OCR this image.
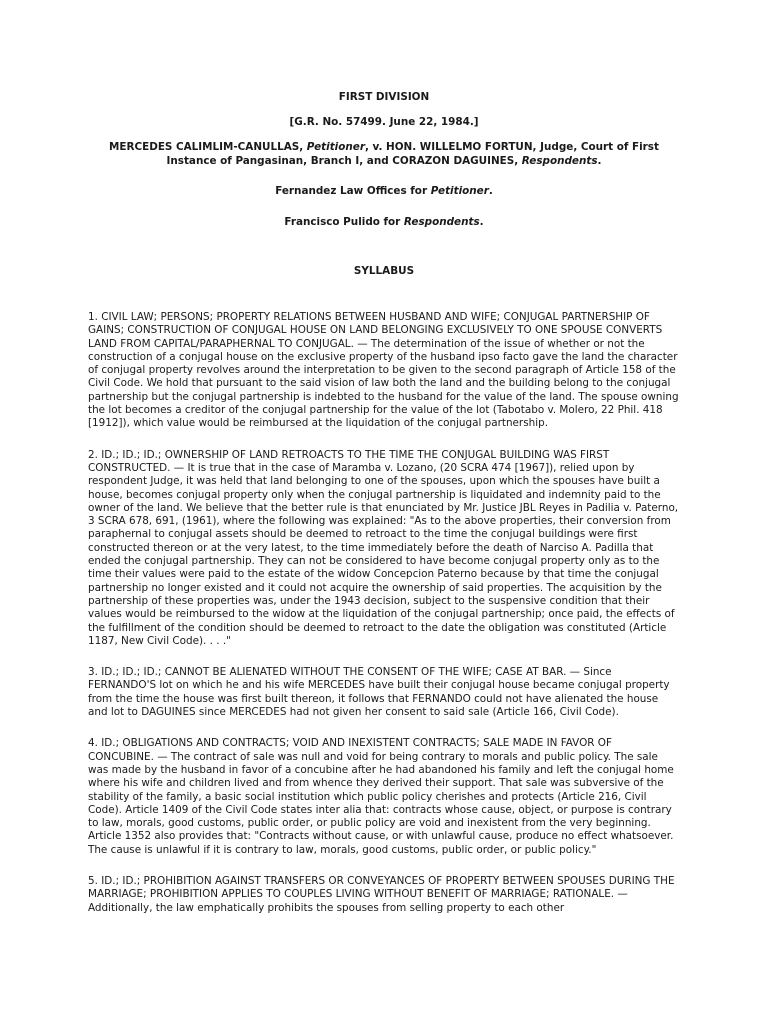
FIRST DIVISION
[G.R. No. 57499. June 22, 1984.]
MERCEDES CALIMLIM-CANULLAS, Petitioner, v. HON. WILLELMO FORTUN, Judge, Court of First Instance of Pangasinan, Branch I, and CORAZON DAGUINES, Respondents.
Fernandez Law Offices for Petitioner.
Francisco Pulido for Respondents.
SYLLABUS

1. CIVIL LAW; PERSONS; PROPERTY RELATIONS BETWEEN HUSBAND AND WIFE; CONJUGAL PARTNERSHIP OF GAINS; CONSTRUCTION OF CONJUGAL HOUSE ON LAND BELONGING EXCLUSIVELY TO ONE SPOUSE CONVERTS LAND FROM CAPITAL/PARAPHERNAL TO CONJUGAL. — The determination of the issue of whether or not the construction of a conjugal house on the exclusive property of the husband ipso facto gave the land the character of conjugal property revolves around the interpretation to be given to the second paragraph of Article 158 of the Civil Code. We hold that pursuant to the said vision of law both the land and the building belong to the conjugal partnership but the conjugal partnership is indebted to the husband for the value of the land. The spouse owning the lot becomes a creditor of the conjugal partnership for the value of the lot (Tabotabo v. Molero, 22 Phil. 418 [1912]), which value would be reimbursed at the liquidation of the conjugal partnership.

2. ID.; ID.; ID.; OWNERSHIP OF LAND RETROACTS TO THE TIME THE CONJUGAL BUILDING WAS FIRST CONSTRUCTED. — It is true that in the case of Maramba v. Lozano, (20 SCRA 474 [1967]), relied upon by respondent Judge, it was held that land belonging to one of the spouses, upon which the spouses have built a house, becomes conjugal property only when the conjugal partnership is liquidated and indemnity paid to the owner of the land. We believe that the better rule is that enunciated by Mr. Justice JBL Reyes in Padilia v. Paterno, 3 SCRA 678, 691, (1961), where the following was explained: "As to the above properties, their conversion from paraphernal to conjugal assets should be deemed to retroact to the time the conjugal buildings were first constructed thereon or at the very latest, to the time immediately before the death of Narciso A. Padilla that ended the conjugal partnership. They can not be considered to have become conjugal property only as to the time their values were paid to the estate of the widow Concepcion Paterno because by that time the conjugal partnership no longer existed and it could not acquire the ownership of said properties. The acquisition by the partnership of these properties was, under the 1943 decision, subject to the suspensive condition that their values would be reimbursed to the widow at the liquidation of the conjugal partnership; once paid, the effects of the fulfillment of the condition should be deemed to retroact to the date the obligation was constituted (Article 1187, New Civil Code). . . ."

3. ID.; ID.; ID.; CANNOT BE ALIENATED WITHOUT THE CONSENT OF THE WIFE; CASE AT BAR. — Since FERNANDO'S lot on which he and his wife MERCEDES have built their conjugal house became conjugal property from the time the house was first built thereon, it follows that FERNANDO could not have alienated the house and lot to DAGUINES since MERCEDES had not given her consent to said sale (Article 166, Civil Code).

4. ID.; OBLIGATIONS AND CONTRACTS; VOID AND INEXISTENT CONTRACTS; SALE MADE IN FAVOR OF CONCUBINE. — The contract of sale was null and void for being contrary to morals and public policy. The sale was made by the husband in favor of a concubine after he had abandoned his family and left the conjugal home where his wife and children lived and from whence they derived their support. That sale was subversive of the stability of the family, a basic social institution which public policy cherishes and protects (Article 216, Civil Code). Article 1409 of the Civil Code states inter alia that: contracts whose cause, object, or purpose is contrary to law, morals, good customs, public order, or public policy are void and inexistent from the very beginning. Article 1352 also provides that: "Contracts without cause, or with unlawful cause, produce no effect whatsoever. The cause is unlawful if it is contrary to law, morals, good customs, public order, or public policy."

5. ID.; ID.; PROHIBITION AGAINST TRANSFERS OR CONVEYANCES OF PROPERTY BETWEEN SPOUSES DURING THE MARRIAGE; PROHIBITION APPLIES TO COUPLES LIVING WITHOUT BENEFIT OF MARRIAGE; RATIONALE. — Additionally, the law emphatically prohibits the spouses from selling property to each other
